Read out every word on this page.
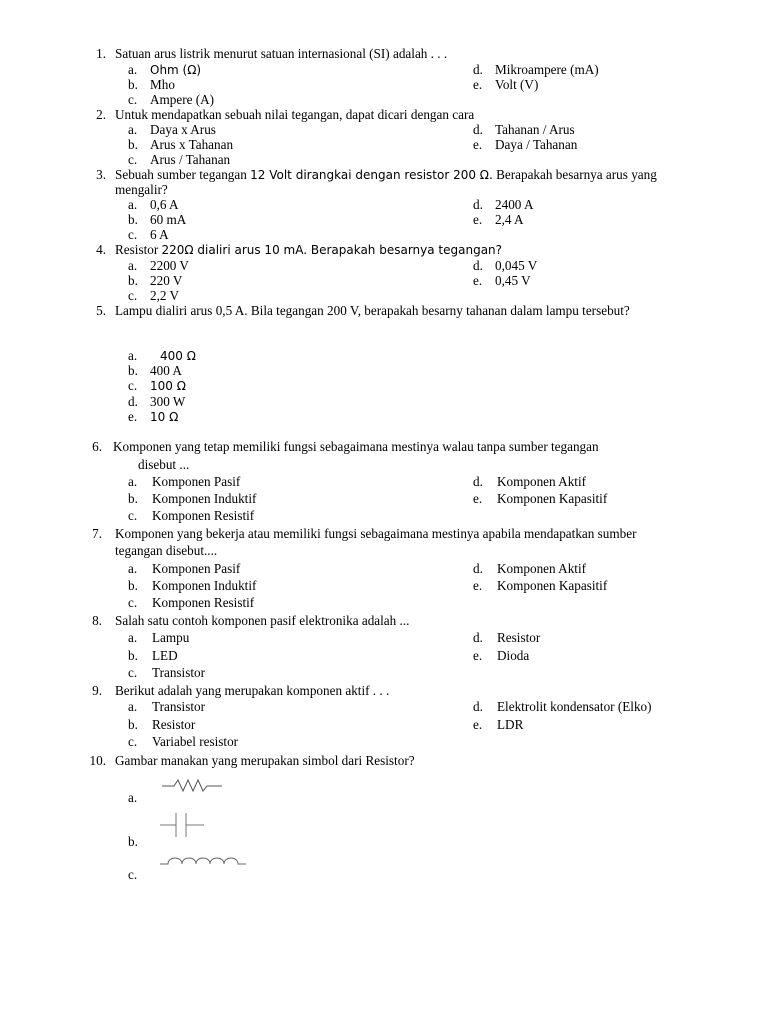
1. Satuan arus listrik menurut satuan internasional (SI) adalah . . .
a. Ohm (Ω)
b. Mho
c. Ampere (A)
d. Mikroampere (mA)
e. Volt (V)
2. Untuk mendapatkan sebuah nilai tegangan, dapat dicari dengan cara
a. Daya x Arus
b. Arus x Tahanan
c. Arus / Tahanan
d. Tahanan / Arus
e. Daya / Tahanan
3. Sebuah sumber tegangan 12 Volt dirangkai dengan resistor 200 Ω. Berapakah besarnya arus yang
mengalir?
a. 0,6 A
b. 60 mA
c. 6 A
d. 2400 A
e. 2,4 A
4. Resistor 220Ω dialiri arus 10 mA. Berapakah besarnya tegangan?
a. 2200 V
b. 220 V
c. 2,2 V
d. 0,045 V
e. 0,45 V
5. Lampu dialiri arus 0,5 A. Bila tegangan 200 V, berapakah besarny tahanan dalam lampu tersebut?
a. 400 Ω
b. 400 A
c. 100 Ω
d. 300 W
e. 10 Ω
6. Komponen yang tetap memiliki fungsi sebagaimana mestinya walau tanpa sumber tegangan
disebut ...
a. Komponen Pasif
b. Komponen Induktif
c. Komponen Resistif
d. Komponen Aktif
e. Komponen Kapasitif
7. Komponen yang bekerja atau memiliki fungsi sebagaimana mestinya apabila mendapatkan sumber
tegangan disebut....
a. Komponen Pasif
b. Komponen Induktif
c. Komponen Resistif
d. Komponen Aktif
e. Komponen Kapasitif
8. Salah satu contoh komponen pasif elektronika adalah ...
a. Lampu
b. LED
c. Transistor
d. Resistor
e. Dioda
9. Berikut adalah yang merupakan komponen aktif . . .
a. Transistor
b. Resistor
c. Variabel resistor
d. Elektrolit kondensator (Elko)
e. LDR
10. Gambar manakan yang merupakan simbol dari Resistor?
a.
b.
c.
